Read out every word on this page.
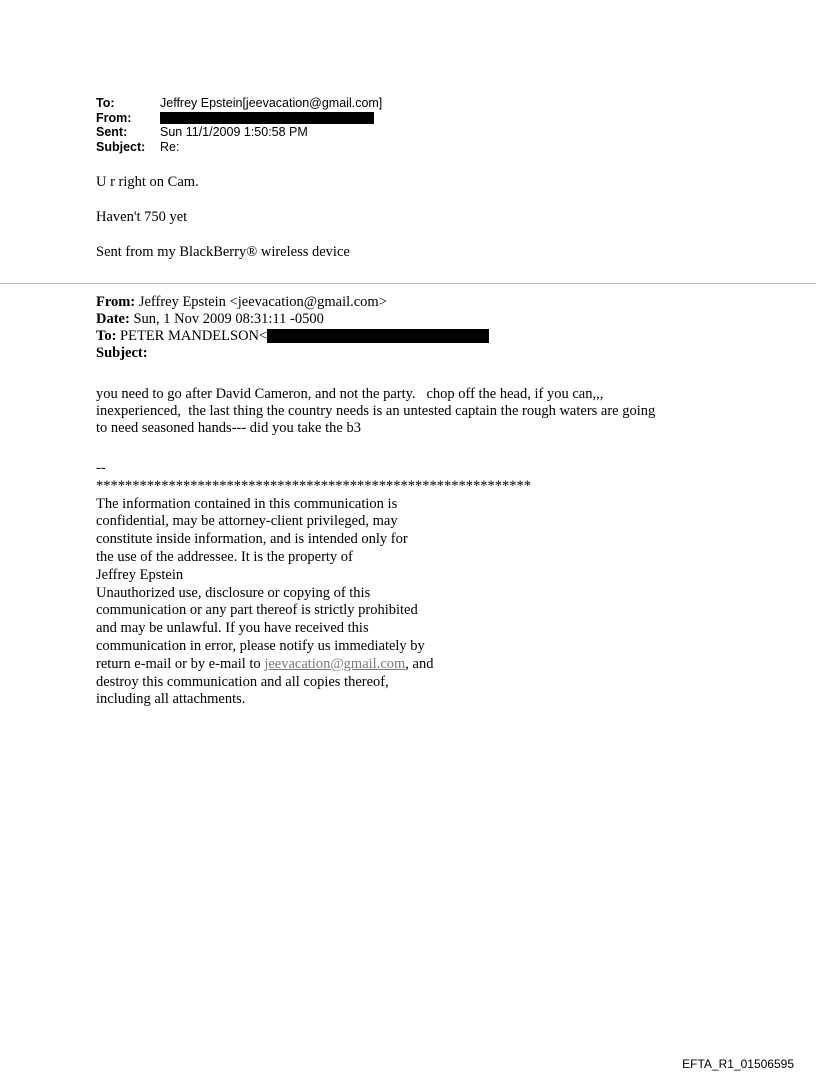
To:	Jeffrey Epstein[jeevacation@gmail.com]
From:
Sent:	Sun 11/1/2009 1:50:58 PM
Subject:	Re:

U r right on Cam.

Haven't 750 yet

Sent from my BlackBerry® wireless device

From: Jeffrey Epstein <jeevacation@gmail.com>
Date: Sun, 1 Nov 2009 08:31:11 -0500
To: PETER MANDELSON<
Subject:
you need to go after David Cameron, and not the party.   chop off the head, if you can,,,
inexperienced,  the last thing the country needs is an untested captain the rough waters are going
to need seasoned hands--- did you take the b3
--
************************************************************
The information contained in this communication is
confidential, may be attorney-client privileged, may
constitute inside information, and is intended only for
the use of the addressee. It is the property of
Jeffrey Epstein
Unauthorized use, disclosure or copying of this
communication or any part thereof is strictly prohibited
and may be unlawful. If you have received this
communication in error, please notify us immediately by
return e-mail or by e-mail to jeevacation@gmail.com, and
destroy this communication and all copies thereof,
including all attachments.
EFTA_R1_01506595
